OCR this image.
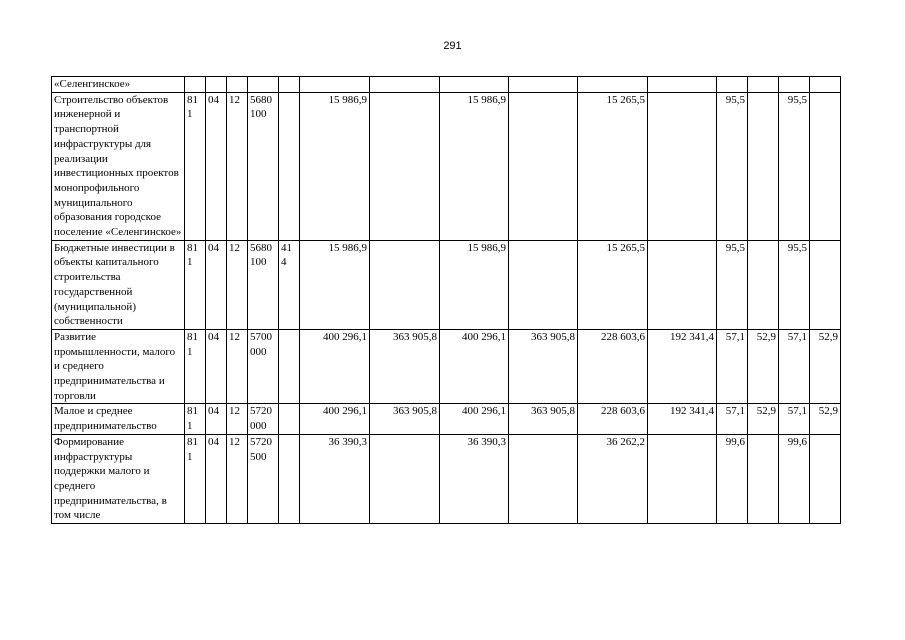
291
«Селенгинское»															
Строительство объектов инженерной и транспортной инфраструктуры для реализации инвестиционных проектов монопрофильного муниципального образования городское поселение «Селенгинское»	811	04	12	5680 100		15 986,9		15 986,9		15 265,5		95,5		95,5	
Бюджетные инвестиции в объекты капитального строительства государственной (муниципальной) собственности	811	04	12	5680 100	414	15 986,9		15 986,9		15 265,5		95,5		95,5	
Развитие промышленности, малого и среднего предпринимательства и торговли	811	04	12	5700 000		400 296,1	363 905,8	400 296,1	363 905,8	228 603,6	192 341,4	57,1	52,9	57,1	52,9
Малое и среднее предпринимательство	811	04	12	5720 000		400 296,1	363 905,8	400 296,1	363 905,8	228 603,6	192 341,4	57,1	52,9	57,1	52,9
Формирование инфраструктуры поддержки малого и среднего предпринимательства, в том числе	811	04	12	5720 500		36 390,3		36 390,3		36 262,2		99,6		99,6	
